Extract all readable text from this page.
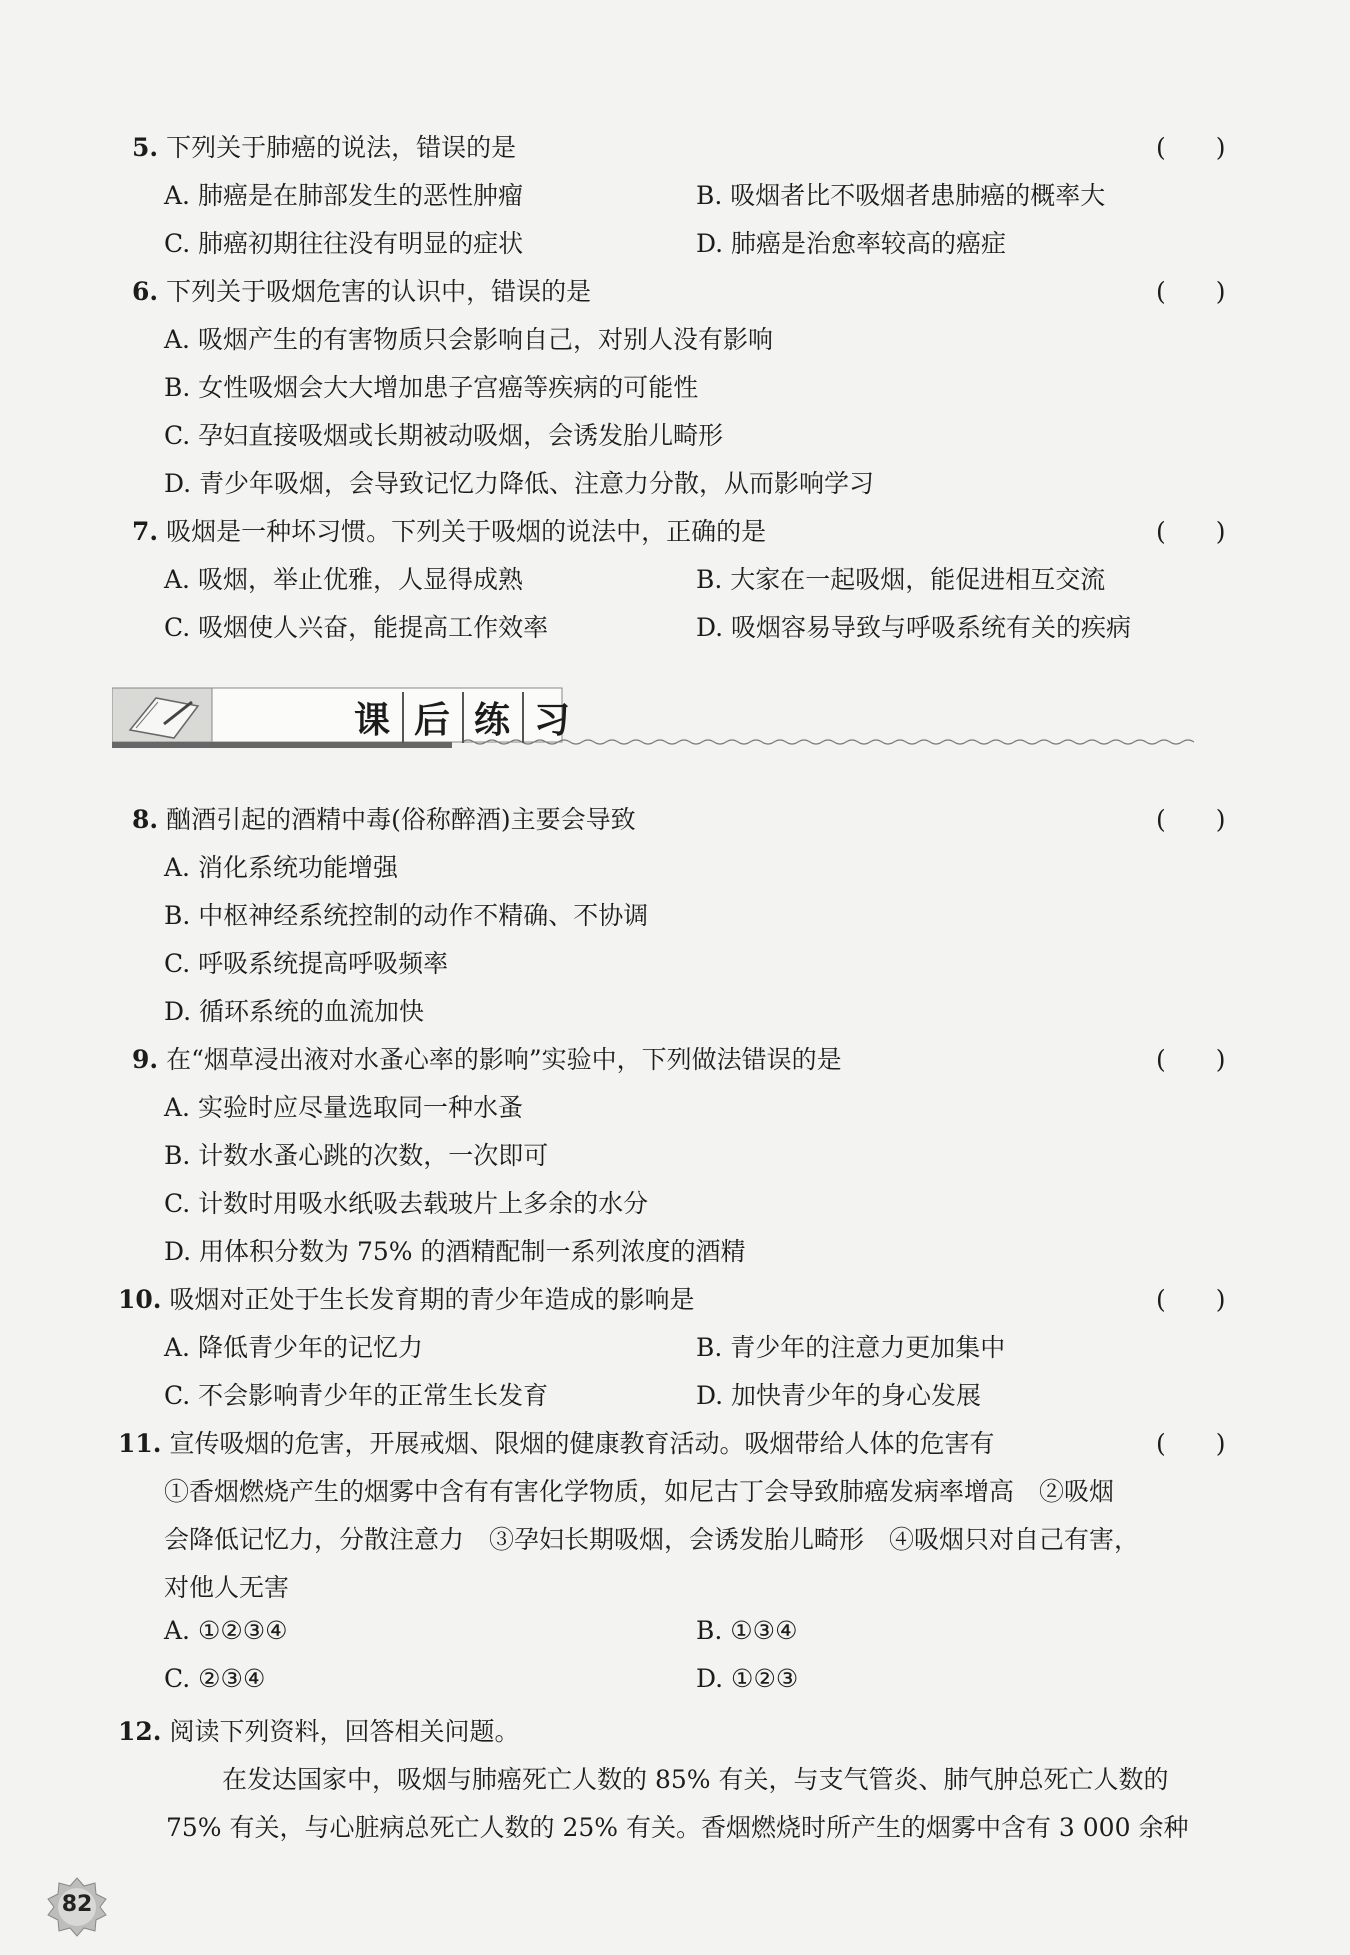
5. 下列关于肺癌的说法，错误的是	(　　)
A. 肺癌是在肺部发生的恶性肿瘤	B. 吸烟者比不吸烟者患肺癌的概率大
C. 肺癌初期往往没有明显的症状	D. 肺癌是治愈率较高的癌症
6. 下列关于吸烟危害的认识中，错误的是	(　　)
A. 吸烟产生的有害物质只会影响自己，对别人没有影响
B. 女性吸烟会大大增加患子宫癌等疾病的可能性
C. 孕妇直接吸烟或长期被动吸烟，会诱发胎儿畸形
D. 青少年吸烟，会导致记忆力降低、注意力分散，从而影响学习
7. 吸烟是一种坏习惯。下列关于吸烟的说法中，正确的是	(　　)
A. 吸烟，举止优雅，人显得成熟	B. 大家在一起吸烟，能促进相互交流
C. 吸烟使人兴奋，能提高工作效率	D. 吸烟容易导致与呼吸系统有关的疾病
课 后 练 习
8. 酗酒引起的酒精中毒(俗称醉酒)主要会导致	(　　)
A. 消化系统功能增强
B. 中枢神经系统控制的动作不精确、不协调
C. 呼吸系统提高呼吸频率
D. 循环系统的血流加快
9. 在“烟草浸出液对水蚤心率的影响”实验中，下列做法错误的是	(　　)
A. 实验时应尽量选取同一种水蚤
B. 计数水蚤心跳的次数，一次即可
C. 计数时用吸水纸吸去载玻片上多余的水分
D. 用体积分数为 75% 的酒精配制一系列浓度的酒精
10. 吸烟对正处于生长发育期的青少年造成的影响是	(　　)
A. 降低青少年的记忆力	B. 青少年的注意力更加集中
C. 不会影响青少年的正常生长发育	D. 加快青少年的身心发展
11. 宣传吸烟的危害，开展戒烟、限烟的健康教育活动。吸烟带给人体的危害有	(　　)
①香烟燃烧产生的烟雾中含有有害化学物质，如尼古丁会导致肺癌发病率增高　②吸烟
会降低记忆力，分散注意力　③孕妇长期吸烟，会诱发胎儿畸形　④吸烟只对自己有害，
对他人无害
A. ①②③④	B. ①③④
C. ②③④	D. ①②③
12. 阅读下列资料，回答相关问题。
在发达国家中，吸烟与肺癌死亡人数的 85% 有关，与支气管炎、肺气肿总死亡人数的
75% 有关，与心脏病总死亡人数的 25% 有关。香烟燃烧时所产生的烟雾中含有 3 000 余种
82
